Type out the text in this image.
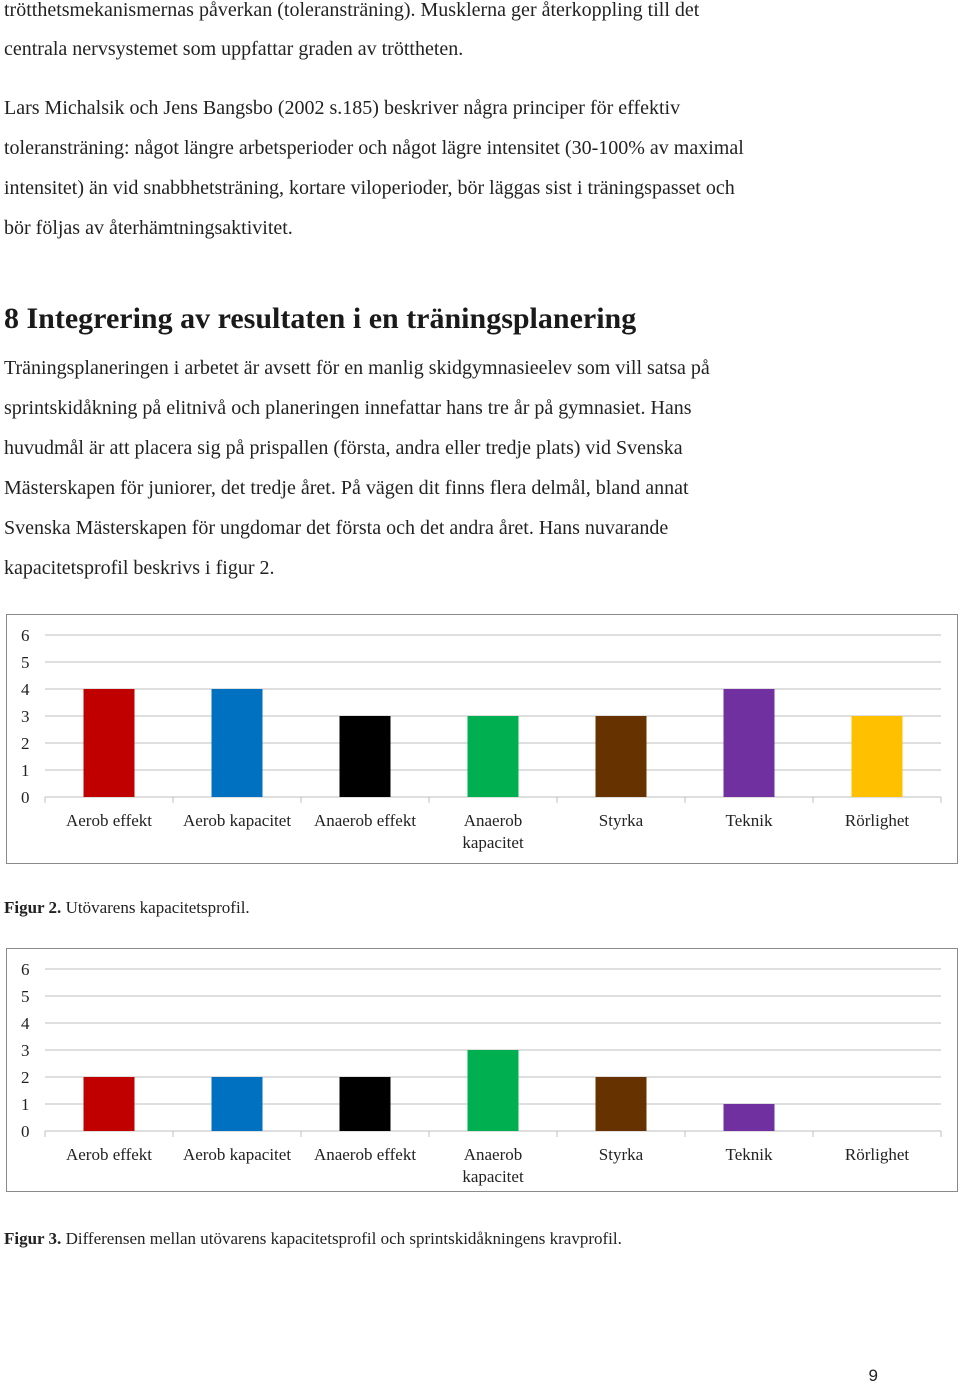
trötthetsmekanismernas påverkan (toleransträning). Musklerna ger återkoppling till det
centrala nervsystemet som uppfattar graden av tröttheten.
Lars Michalsik och Jens Bangsbo (2002 s.185) beskriver några principer för effektiv
toleransträning: något längre arbetsperioder och något lägre intensitet (30-100% av maximal
intensitet) än vid snabbhetsträning, kortare viloperioder, bör läggas sist i träningspasset och
bör följas av återhämtningsaktivitet.
8 Integrering av resultaten i en träningsplanering
Träningsplaneringen i arbetet är avsett för en manlig skidgymnasieelev som vill satsa på
sprintskidåkning på elitnivå och planeringen innefattar hans tre år på gymnasiet. Hans
huvudmål är att placera sig på prispallen (första, andra eller tredje plats) vid Svenska
Mästerskapen för juniorer, det tredje året. På vägen dit finns flera delmål, bland annat
Svenska Mästerskapen för ungdomar det första och det andra året. Hans nuvarande
kapacitetsprofil beskrivs i figur 2.
0
1
2
3
4
5
6
Aerob effekt Aerob kapacitet Anaerob effekt	Anaerob
kapacitet
Styrka	Teknik	Rörlighet
Figur 2. Utövarens kapacitetsprofil.
0
1
2
3
4
5
6
Aerob effekt Aerob kapacitet Anaerob effekt	Anaerob
kapacitet
Styrka	Teknik	Rörlighet
Figur 3. Differensen mellan utövarens kapacitetsprofil och sprintskidåkningens kravprofil.
9
